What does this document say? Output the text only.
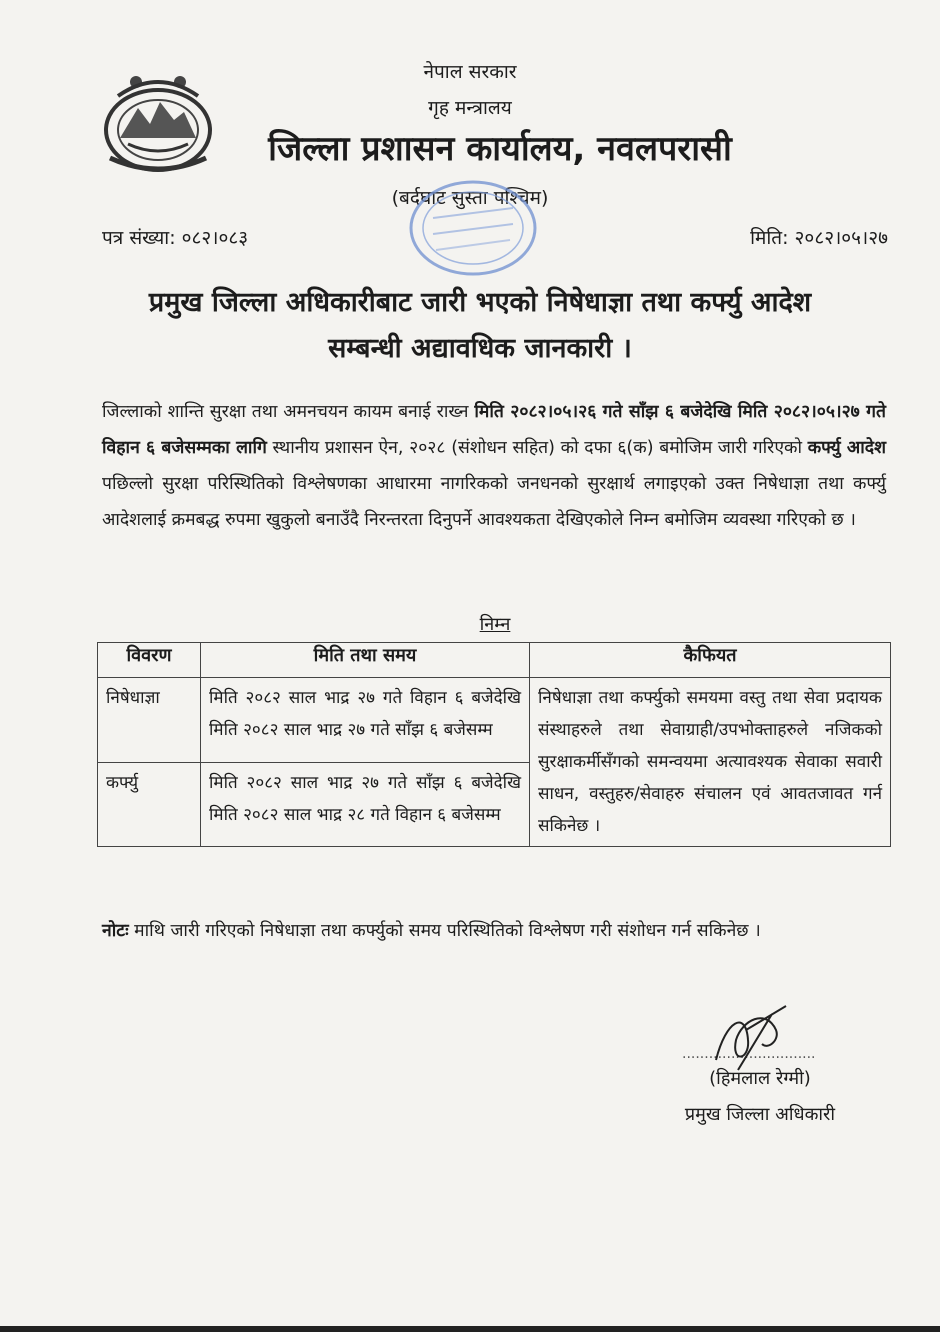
नेपाल सरकार
गृह मन्त्रालय
जिल्ला प्रशासन कार्यालय, नवलपरासी
(बर्दघाट सुस्ता पश्चिम)
पत्र संख्या: ०८२।०८३	मिति: २०८२।०५।२७
प्रमुख जिल्ला अधिकारीबाट जारी भएको निषेधाज्ञा तथा कर्फ्यु आदेश
सम्बन्धी अद्यावधिक जानकारी ।
जिल्लाको शान्ति सुरक्षा तथा अमनचयन कायम बनाई राख्न मिति २०८२।०५।२६ गते साँझ ६ बजेदेखि मिति २०८२।०५।२७ गते विहान ६ बजेसम्मका लागि स्थानीय प्रशासन ऐन, २०२८ (संशोधन सहित) को दफा ६(क) बमोजिम जारी गरिएको कर्फ्यु आदेश पछिल्लो सुरक्षा परिस्थितिको विश्लेषणका आधारमा नागरिकको जनधनको सुरक्षार्थ लगाइएको उक्त निषेधाज्ञा तथा कर्फ्यु आदेशलाई क्रमबद्ध रुपमा खुकुलो बनाउँदै निरन्तरता दिनुपर्ने आवश्यकता देखिएकोले निम्न बमोजिम व्यवस्था गरिएको छ ।
निम्न
विवरण	मिति तथा समय	कैफियत
निषेधाज्ञा	मिति २०८२ साल भाद्र २७ गते विहान ६ बजेदेखि मिति २०८२ साल भाद्र २७ गते साँझ ६ बजेसम्म	निषेधाज्ञा तथा कर्फ्युको समयमा वस्तु तथा सेवा प्रदायक संस्थाहरुले तथा सेवाग्राही/उपभोक्ताहरुले नजिकको सुरक्षाकर्मीसँगको समन्वयमा अत्यावश्यक सेवाका सवारी साधन, वस्तुहरु/सेवाहरु संचालन एवं आवतजावत गर्न सकिनेछ ।
कर्फ्यु	मिति २०८२ साल भाद्र २७ गते साँझ ६ बजेदेखि मिति २०८२ साल भाद्र २८ गते विहान ६ बजेसम्म	
नोटः माथि जारी गरिएको निषेधाज्ञा तथा कर्फ्युको समय परिस्थितिको विश्लेषण गरी संशोधन गर्न सकिनेछ ।
..............................
(हिमलाल रेग्मी)
प्रमुख जिल्ला अधिकारी
